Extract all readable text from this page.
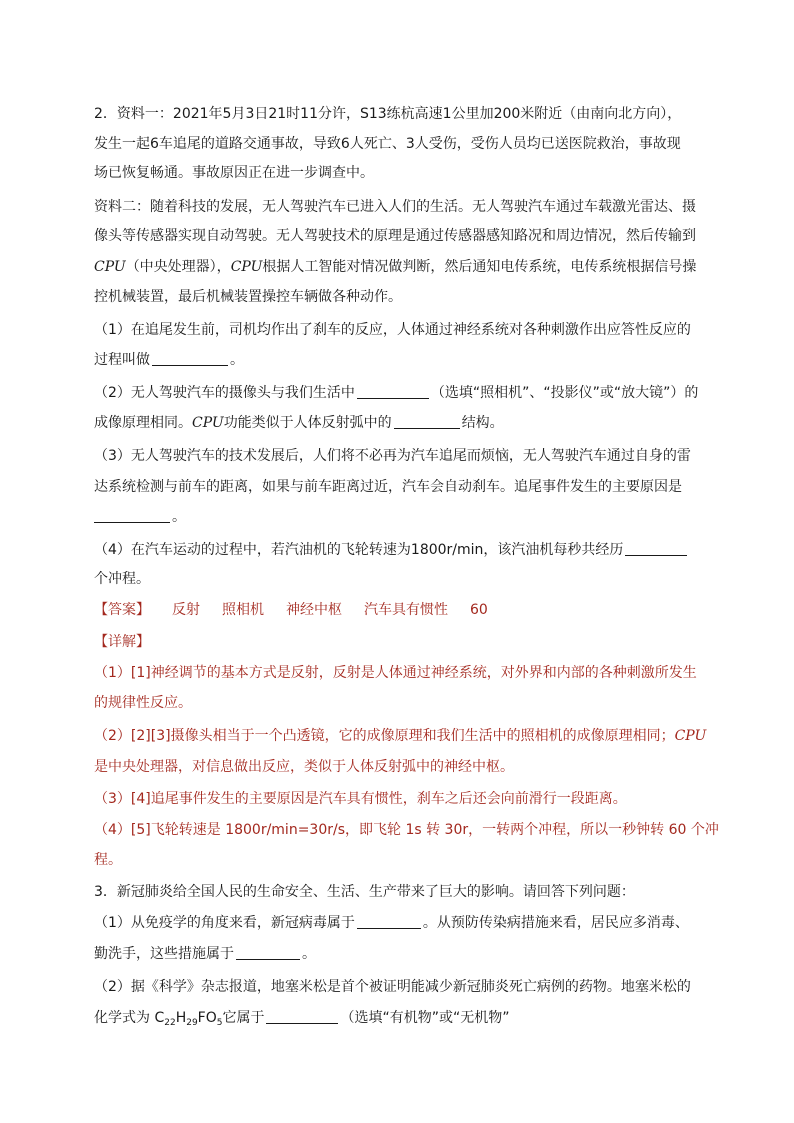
2．资料一：2021年5月3日21时11分许，S13练杭高速1公里加200米附近（由南向北方向），
发生一起6车追尾的道路交通事故，导致6人死亡、3人受伤，受伤人员均已送医院救治，事故现
场已恢复畅通。事故原因正在进一步调查中。
资料二：随着科技的发展，无人驾驶汽车已进入人们的生活。无人驾驶汽车通过车载激光雷达、摄
像头等传感器实现自动驾驶。无人驾驶技术的原理是通过传感器感知路况和周边情况，然后传输到
CPU（中央处理器），CPU根据人工智能对情况做判断，然后通知电传系统，电传系统根据信号操
控机械装置，最后机械装置操控车辆做各种动作。
（1）在追尾发生前，司机均作出了刹车的反应，人体通过神经系统对各种刺激作出应答性反应的
过程叫做	。
（2）无人驾驶汽车的摄像头与我们生活中	（选填“照相机”、“投影仪”或“放大镜”）的
成像原理相同。CPU功能类似于人体反射弧中的	结构。
（3）无人驾驶汽车的技术发展后，人们将不必再为汽车追尾而烦恼，无人驾驶汽车通过自身的雷
达系统检测与前车的距离，如果与前车距离过近，汽车会自动刹车。追尾事件发生的主要原因是
。
（4）在汽车运动的过程中，若汽油机的飞轮转速为1800r/min，该汽油机每秒共经历
个冲程。
【答案】 反射 照相机 神经中枢 汽车具有惯性 60
【详解】
（1）[1]神经调节的基本方式是反射，反射是人体通过神经系统，对外界和内部的各种刺激所发生
的规律性反应。
（2）[2][3]摄像头相当于一个凸透镜，它的成像原理和我们生活中的照相机的成像原理相同；CPU
是中央处理器，对信息做出反应，类似于人体反射弧中的神经中枢。
（3）[4]追尾事件发生的主要原因是汽车具有惯性，刹车之后还会向前滑行一段距离。
（4）[5]飞轮转速是 1800r/min=30r/s，即飞轮 1s 转 30r，一转两个冲程，所以一秒钟转 60 个冲
程。
3．新冠肺炎给全国人民的生命安全、生活、生产带来了巨大的影响。请回答下列问题：
（1）从免疫学的角度来看，新冠病毒属于	。从预防传染病措施来看，居民应多消毒、
勤洗手，这些措施属于	。
（2）据《科学》杂志报道，地塞米松是首个被证明能减少新冠肺炎死亡病例的药物。地塞米松的
化学式为 $C_{22}H_{29}FO_5$它属于	（选填“有机物”或“无机物”
